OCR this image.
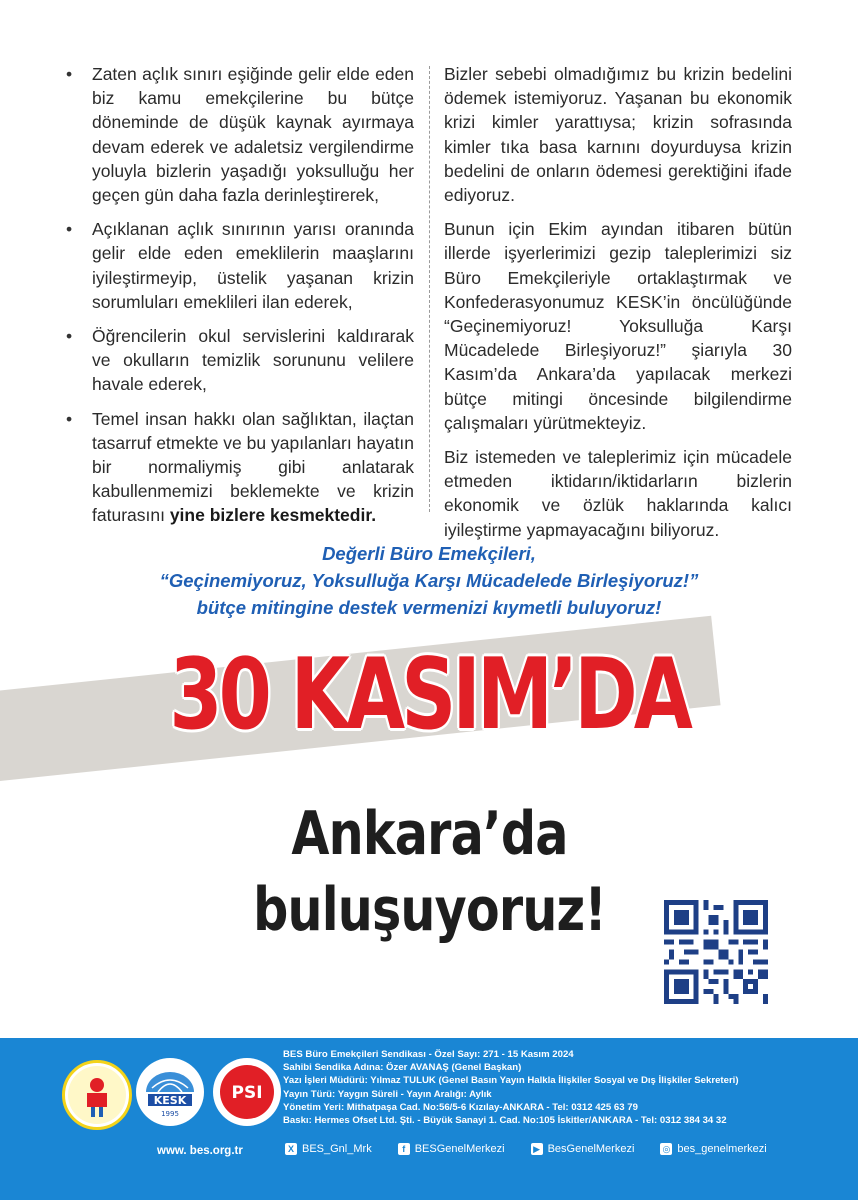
• Zaten açlık sınırı eşiğinde gelir elde eden biz kamu emekçilerine bu bütçe döneminde de düşük kaynak ayırmaya devam ederek ve adaletsiz vergilendirme yoluyla bizlerin yaşadığı yoksulluğu her geçen gün daha fazla derinleştirerek,
• Açıklanan açlık sınırının yarısı oranında gelir elde eden emeklilerin maaşlarını iyileştirmeyip, üstelik yaşanan krizin sorumluları emeklileri ilan ederek,
• Öğrencilerin okul servislerini kaldırarak ve okulların temizlik sorununu velilere havale ederek,
• Temel insan hakkı olan sağlıktan, ilaçtan tasarruf etmekte ve bu yapılanları hayatın bir normaliymiş gibi anlatarak kabullenmemizi beklemekte ve krizin faturasını yine bizlere kesmektedir.

Bizler sebebi olmadığımız bu krizin bedelini ödemek istemiyoruz. Yaşanan bu ekonomik krizi kimler yarattıysa; krizin sofrasında kimler tıka basa karnını doyurduysa krizin bedelini de onların ödemesi gerektiğini ifade ediyoruz.

Bunun için Ekim ayından itibaren bütün illerde işyerlerimizi gezip taleplerimizi siz Büro Emekçileriyle ortaklaştırmak ve Konfederasyonumuz KESK’in öncülüğünde “Geçinemiyoruz! Yoksulluğa Karşı Mücadelede Birleşiyoruz!” şiarıyla 30 Kasım’da Ankara’da yapılacak merkezi bütçe mitingi öncesinde bilgilendirme çalışmaları yürütmekteyiz.

Biz istemeden ve taleplerimiz için mücadele etmeden iktidarın/iktidarların bizlerin ekonomik ve özlük haklarında kalıcı iyileştirme yapmayacağını biliyoruz.

Değerli Büro Emekçileri,
“Geçinemiyoruz, Yoksulluğa Karşı Mücadelede Birleşiyoruz!”
bütçe mitingine destek vermenizi kıymetli buluyoruz!
30 KASIM’DA
Ankara’da
buluşuyoruz!
KESK
1995
PSI
BES Büro Emekçileri Sendikası - Özel Sayı: 271 - 15 Kasım 2024
Sahibi Sendika Adına: Özer AVANAŞ (Genel Başkan)
Yazı İşleri Müdürü: Yılmaz TULUK (Genel Basın Yayın Halkla İlişkiler Sosyal ve Dış İlişkiler Sekreteri)
Yayın Türü: Yaygın Süreli - Yayın Aralığı: Aylık
Yönetim Yeri: Mithatpaşa Cad. No:56/5-6 Kızılay-ANKARA - Tel: 0312 425 63 79
Baskı: Hermes Ofset Ltd. Şti. - Büyük Sanayi 1. Cad. No:105 İskitler/ANKARA - Tel: 0312 384 34 32
www. bes.org.tr	X BES_Gnl_Mrk	f BESGenelMerkezi	▶ BesGenelMerkezi	◎ bes_genelmerkezi
